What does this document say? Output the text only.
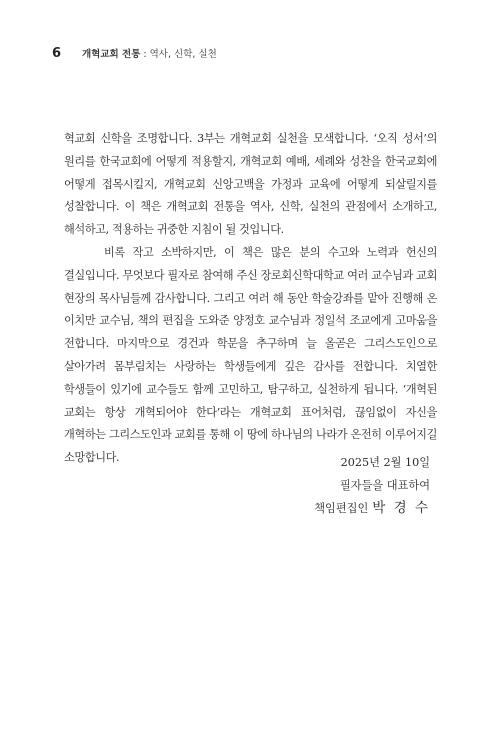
6	개혁교회 전통 : 역사, 신학, 실천

혁교회 신학을 조명합니다. 3부는 개혁교회 실천을 모색합니다. ‘오직 성서’의 원리를 한국교회에 어떻게 적용할지, 개혁교회 예배, 세례와 성찬을 한국교회에 어떻게 접목시킬지, 개혁교회 신앙고백을 가정과 교육에 어떻게 되살릴지를 성찰합니다. 이 책은 개혁교회 전통을 역사, 신학, 실천의 관점에서 소개하고, 해석하고, 적용하는 귀중한 지침이 될 것입니다.

비록 작고 소박하지만, 이 책은 많은 분의 수고와 노력과 헌신의 결실입니다. 무엇보다 필자로 참여해 주신 장로회신학대학교 여러 교수님과 교회 현장의 목사님들께 감사합니다. 그리고 여러 해 동안 학술강좌를 맡아 진행해 온 이치만 교수님, 책의 편집을 도와준 양정호 교수님과 정일석 조교에게 고마움을 전합니다. 마지막으로 경건과 학문을 추구하며 늘 올곧은 그리스도인으로 살아가려 몸부림치는 사랑하는 학생들에게 깊은 감사를 전합니다. 치열한 학생들이 있기에 교수들도 함께 고민하고, 탐구하고, 실천하게 됩니다. ‘개혁된 교회는 항상 개혁되어야 한다’라는 개혁교회 표어처럼, 끊임없이 자신을 개혁하는 그리스도인과 교회를 통해 이 땅에 하나님의 나라가 온전히 이루어지길 소망합니다.	2025년 2월 10일
필자들을 대표하여
책임편집인 박 경 수
